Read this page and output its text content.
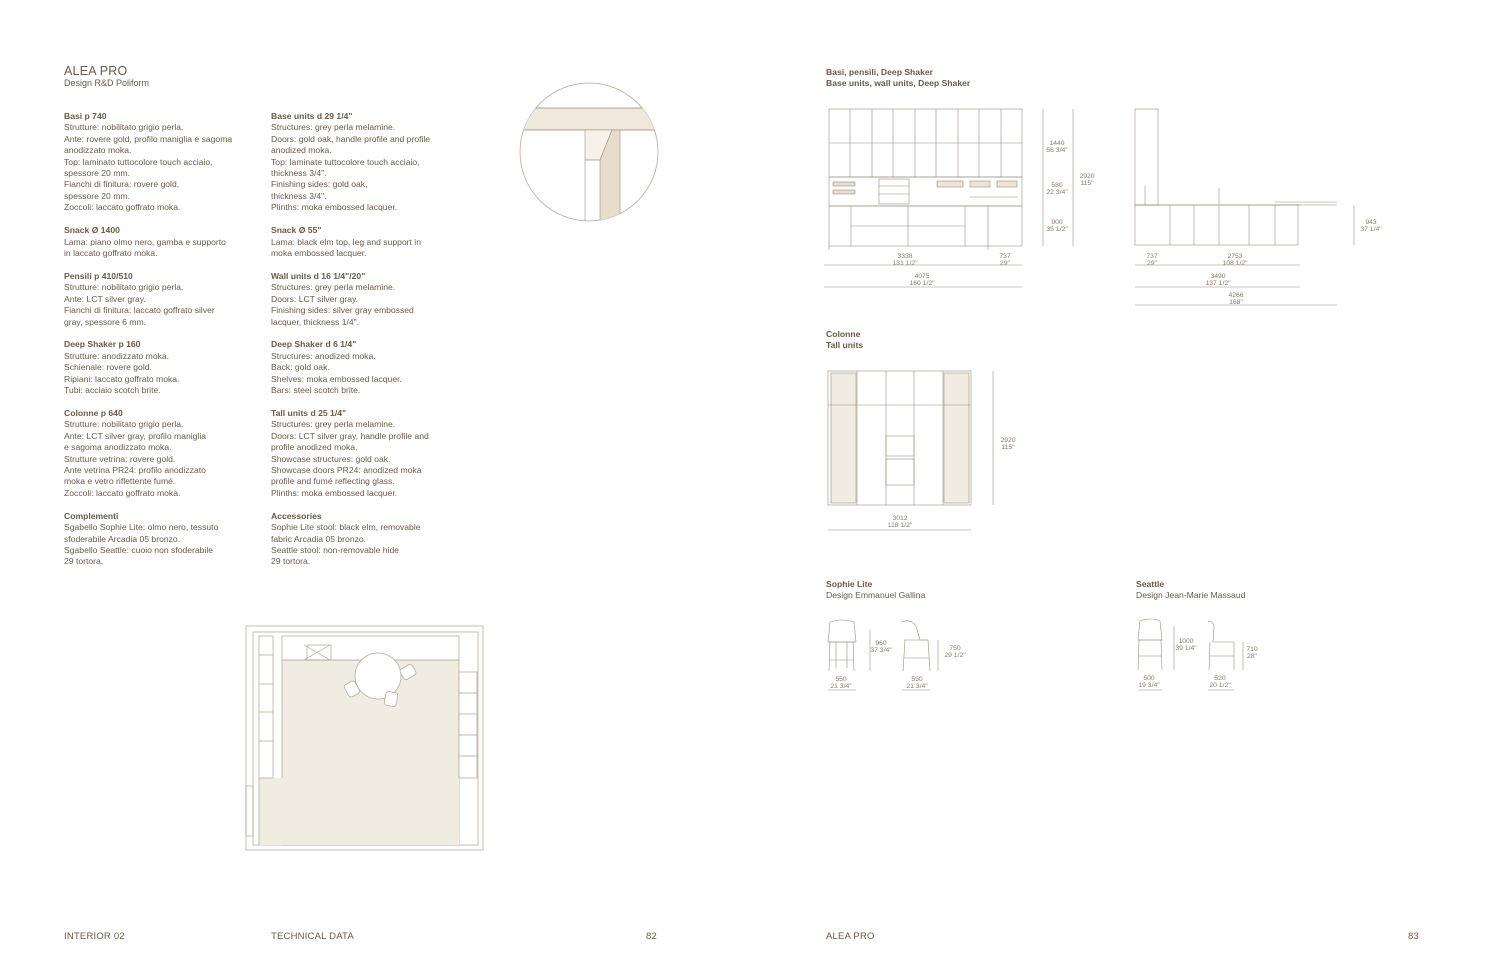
ALEA PRO
Design R&D Poliform
Basi p 740

Strutture: nobilitato grigio perla.
Ante: rovere gold, profilo maniglia e sagoma
anodizzato moka.
Top: laminato tuttocolore touch acciaio,
spessore 20 mm.
Fianchi di finitura: rovere gold,
spessore 20 mm.
Zoccoli: laccato goffrato moka.

Snack Ø 1400

Lama: piano olmo nero, gamba e supporto
in laccato goffrato moka.

Pensili p 410/510

Strutture: nobilitato grigio perla.
Ante: LCT silver gray.
Fianchi di finitura: laccato goffrato silver
gray, spessore 6 mm.

Deep Shaker p 160

Strutture: anodizzato moka.
Schienale: rovere gold.
Ripiani: laccato goffrato moka.
Tubi: acciaio scotch brite.

Colonne p 640

Strutture: nobilitato grigio perla.
Ante: LCT silver gray, profilo maniglia
e sagoma anodizzato moka.
Strutture vetrina: rovere gold.
Ante vetrina PR24: profilo anodizzato
moka e vetro riflettente fumé.
Zoccoli: laccato goffrato moka.

Complementi

Sgabello Sophie Lite: olmo nero, tessuto
sfoderabile Arcadia 05 bronzo.
Sgabello Seattle: cuoio non sfoderabile
29 tortora.

Base units d 29 1/4"

Structures: grey perla melamine.
Doors: gold oak, handle profile and profile
anodized moka.
Top: laminate tuttocolore touch acciaio,
thickness 3/4".
Finishing sides: gold oak,
thickness 3/4".
Plinths: moka embossed lacquer.

Snack Ø 55"

Lama: black elm top, leg and support in
moka embossed lacquer.

Wall units d 16 1/4"/20"

Structures: grey perla melamine.
Doors: LCT silver gray.
Finishing sides: silver gray embossed
lacquer, thickness 1/4".

Deep Shaker d 6 1/4"

Structures: anodized moka.
Back: gold oak.
Shelves: moka embossed lacquer.
Bars: steel scotch brite.

Tall units d 25 1/4"

Structures: grey perla melamine.
Doors: LCT silver gray, handle profile and
profile anodized moka.
Showcase structures: gold oak.
Showcase doors PR24: anodized moka
profile and fumé reflecting glass.
Plinths: moka embossed lacquer.

Accessories

Sophie Lite stool: black elm, removable
fabric Arcadia 05 bronzo.
Seattle stool: non-removable hide
29 tortora.

Basi, pensili, Deep Shaker
Base units, wall units, Deep Shaker
Colonne
Tall units
Sophie Lite
Design Emmanuel Gallina
Seattle
Design Jean-Marie Massaud
1440
56 3/4"
580
22 3/4"
900
35 1/2"
2920
115"
3338
131 1/2"
737
29"
4075
160 1/2"
943
37 1/4"
737
29"
2753
108 1/2"
3490
137 1/2"
4266
168"
2920
115"
3012
118 1/2"
960
37 3/4"	750
29 1/2"
550
21 3/4"
550
21 3/4"
1000
39 1/4"	710
28"
500
19 3/4"
520
20 1/2"
INTERIOR 02	TECHNICAL DATA	82	ALEA PRO	83
